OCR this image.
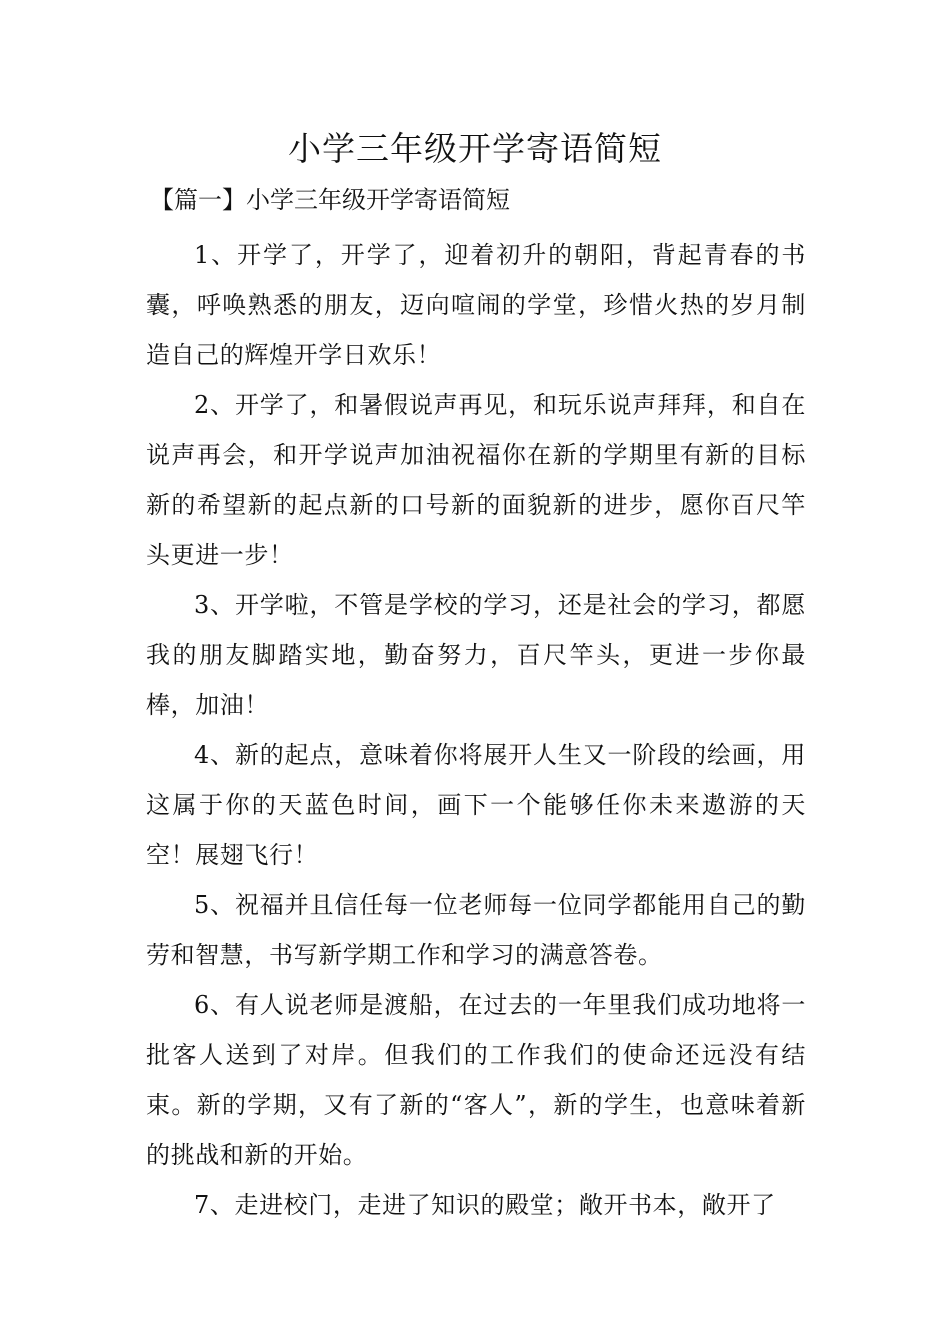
小学三年级开学寄语简短
【篇一】小学三年级开学寄语简短

1、开学了，开学了，迎着初升的朝阳，背起青春的书囊，呼唤熟悉的朋友，迈向喧闹的学堂，珍惜火热的岁月制造自己的辉煌开学日欢乐！

2、开学了，和暑假说声再见，和玩乐说声拜拜，和自在说声再会，和开学说声加油祝福你在新的学期里有新的目标新的希望新的起点新的口号新的面貌新的进步，愿你百尺竿头更进一步！

3、开学啦，不管是学校的学习，还是社会的学习，都愿我的朋友脚踏实地，勤奋努力，百尺竿头，更进一步你最棒，加油！

4、新的起点，意味着你将展开人生又一阶段的绘画，用这属于你的天蓝色时间，画下一个能够任你未来遨游的天空！展翅飞行！

5、祝福并且信任每一位老师每一位同学都能用自己的勤劳和智慧，书写新学期工作和学习的满意答卷。

6、有人说老师是渡船，在过去的一年里我们成功地将一批客人送到了对岸。但我们的工作我们的使命还远没有结束。新的学期，又有了新的“客人”，新的学生，也意味着新的挑战和新的开始。

7、走进校门，走进了知识的殿堂；敞开书本，敞开了
